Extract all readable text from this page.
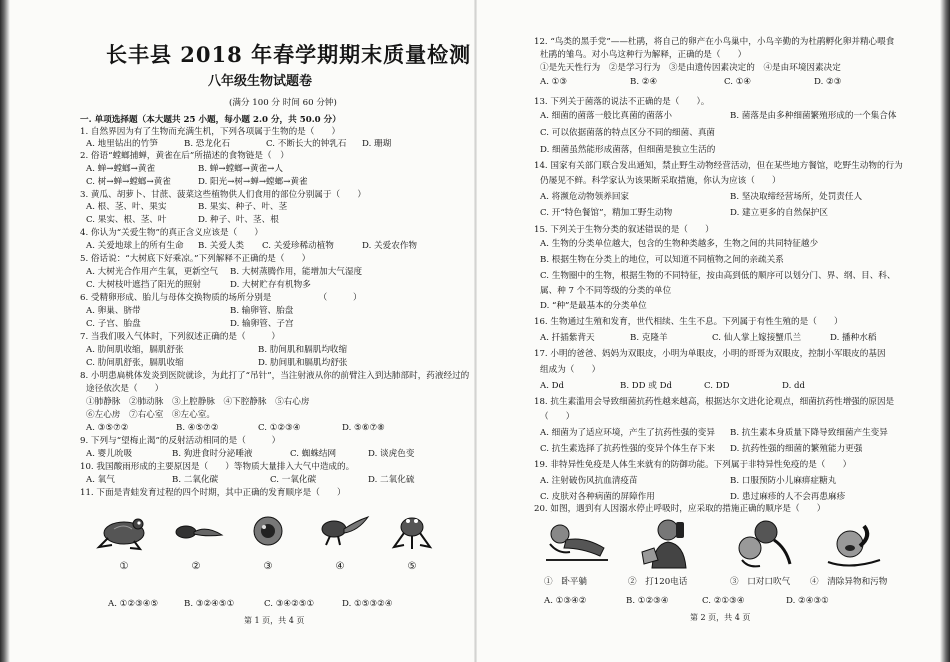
长丰县 2018 年春学期期末质量检测
八年级生物试题卷
(满分 100 分 时间 60 分钟)
一. 单项选择题（本大题共 25 小题，每小题 2.0 分，共 50.0 分）
1. 自然界因为有了生物而充满生机，下列各项属于生物的是（　　）
A. 地里钻出的竹笋	B. 恐龙化石	C. 不断长大的钟乳石 D. 珊瑚
2. 俗语“螳螂捕蝉，黄雀在后”所描述的食物链是（　）
A. 蝉→螳螂→黄雀	B. 蝉→螳螂→黄雀→人
C. 树→蝉→螳螂→黄雀	D. 阳光→树→蝉→螳螂→黄雀
3. 黄瓜、胡萝卜、甘蔗、菠菜这些植物供人们食用的部位分别属于（　　）
A. 根、茎、叶、果实	B. 果实、种子、叶、茎
C. 果实、根、茎、叶	D. 种子、叶、茎、根
4. 你认为“关爱生物”的真正含义应该是（　　）
A. 关爱地球上的所有生命 B. 关爱人类 C. 关爱珍稀动植物	D. 关爱农作物
5. 俗话说：“大树底下好乘凉。”下列解释不正确的是（　　）
A. 大树光合作用产生氧，更新空气 B. 大树蒸腾作用，能增加大气湿度
C. 大树枝叶遮挡了阳光的照射	D. 大树贮存有机物多
6. 受精卵形成、胎儿与母体交换物质的场所分别是　　　　　　（　　　）
A. 卵巢、脐带	B. 输卵管、胎盘
C. 子宫、胎盘	D. 输卵管、子宫
7. 当我们吸入气体时，下列叙述正确的是（　　　）
A. 肋间肌收缩，膈肌舒张	B. 肋间肌和膈肌均收缩
C. 肋间肌舒张，膈肌收缩	D. 肋间肌和膈肌均舒张
8. 小明患扁桃体发炎到医院就诊，为此打了“吊针”，当注射液从你的前臂注入到达肺部时，药液经过的
途径依次是（　　）
①肺静脉　②肺动脉　③上腔静脉　④下腔静脉　⑤右心房
⑥左心房　⑦右心室　⑧左心室。
A. ③⑤⑦②	B. ④⑤⑦②	C. ①②③④	D. ⑤⑥⑦⑧
9. 下列与“望梅止渴”的反射活动相同的是（　　　）
A. 婴儿吮吸	B. 狗进食时分泌唾液	C. 蜘蛛结网	D. 谈虎色变
10. 我国酸雨形成的主要原因是（　　）等物质大量排入大气中造成的。
A. 氧气	B. 二氧化碳	C. 一氧化碳	D. 二氧化硫
11. 下面是青蛙发育过程的四个时期，其中正确的发育顺序是（　　）
①	②	③	④	⑤
A. ①②③④⑤	B. ③②④⑤①	C. ③④②⑤①	D. ①⑤③②④
第 1 页，共 4 页
12. “鸟类的黑手党”——杜鹃，将自己的卵产在小鸟巢中，小鸟辛勤的为杜鹃孵化卵并精心喂食
杜鹃的雏鸟。对小鸟这种行为解释，正确的是（　　）
①是先天性行为　②是学习行为　③是由遗传因素决定的　④是由环境因素决定
A. ①③	B. ②④	C. ①④	D. ②③
13. 下列关于菌落的说法不正确的是（　　）。
A. 细菌的菌落一般比真菌的菌落小	B. 菌落是由多种细菌繁殖形成的一个集合体
C. 可以依据菌落的特点区分不同的细菌、真菌
D. 细菌虽然能形成菌落，但细菌是独立生活的
14. 国家有关部门联合发出通知，禁止野生动物经营活动，但在某些地方餐馆，吃野生动物的行为
仍屡见不鲜。科学家认为该果断采取措施，你认为应该（　　）
A. 将濒危动物领养回家	B. 坚决取缔经营场所，处罚责任人
C. 开“特色餐馆”，精加工野生动物	D. 建立更多的自然保护区
15. 下列关于生物分类的叙述错误的是（　　）
A. 生物的分类单位越大，包含的生物种类越多，生物之间的共同特征越少
B. 根据生物在分类上的地位，可以知道不同植物之间的亲疏关系
C. 生物圈中的生物，根据生物的不同特征，按由高到低的顺序可以划分门、界、纲、目、科、
属、种 7 个不同等级的分类的单位
D. “种”是最基本的分类单位
16. 生物通过生殖和发育，世代相续、生生不息。下列属于有性生殖的是（　　）
A. 扦插紫背天	B. 克隆羊	C. 仙人掌上嫁接蟹爪兰	D. 播种水稻
17. 小明的爸爸、妈妈为双眼皮，小明为单眼皮，小明的哥哥为双眼皮，控制小军眼皮的基因
组成为（　　）
A. Dd	B. DD 或 Dd	C. DD	D. dd
18. 抗生素滥用会导致细菌抗药性越来越高，根据达尔文进化论观点，细菌抗药性增强的原因是
（　　）
A. 细菌为了适应环境，产生了抗药性强的变异 B. 抗生素本身质量下降导致细菌产生变异
C. 抗生素选择了抗药性强的变异个体生存下来 D. 抗药性强的细菌的繁殖能力更强
19. 非特异性免疫是人体生来就有的防御功能。下列属于非特异性免疫的是（　　）
A. 注射破伤风抗血清疫苗	B. 口服预防小儿麻痹症糖丸
C. 皮肤对各种病菌的屏障作用	D. 患过麻疹的人不会再患麻疹
20. 如图，遇到有人因溺水停止呼吸时，应采取的措施正确的顺序是（　　）
①　卧平躺	②　打120电话	③　口对口吹气 ④　清除异物和污物
A. ①③④②	B. ①②③④	C. ②①③④	D. ②④③①
第 2 页，共 4 页
